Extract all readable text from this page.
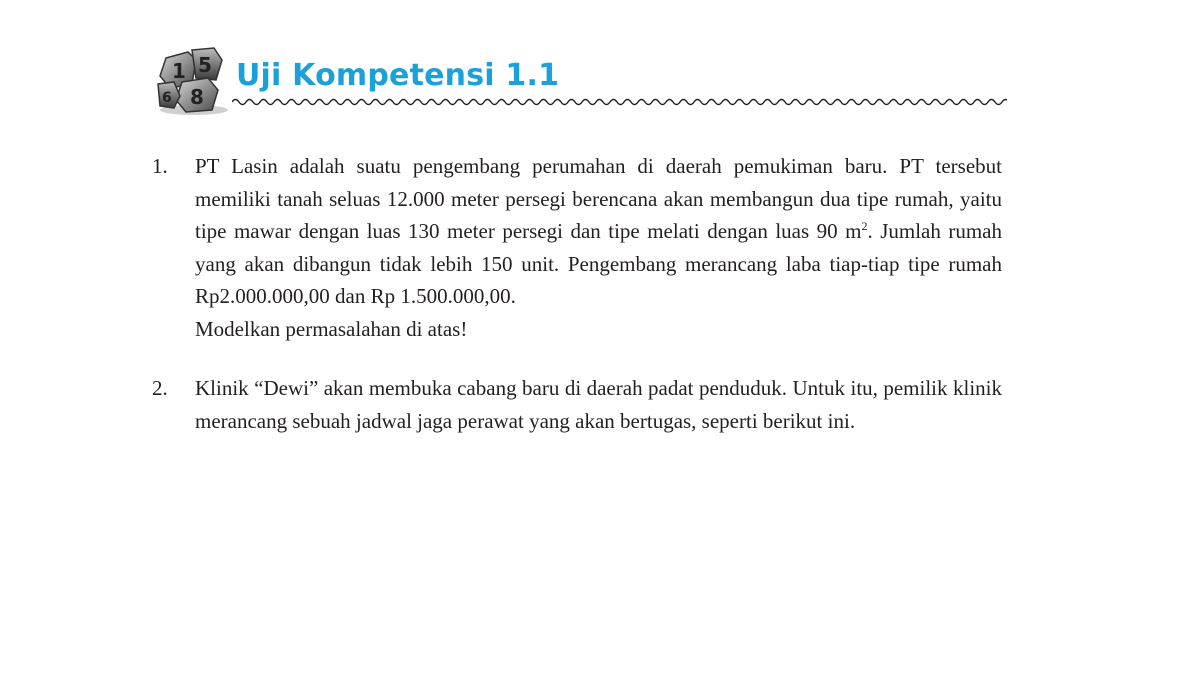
1 5
8
6
Uji Kompetensi 1.1
1. PT Lasin adalah suatu pengembang perumahan di daerah pemukiman baru. PT tersebut memiliki tanah seluas 12.000 meter persegi berencana akan membangun dua tipe rumah, yaitu tipe mawar dengan luas 130 meter persegi dan tipe melati dengan luas 90 $m^2$. Jumlah rumah yang akan dibangun tidak lebih 150 unit. Pengembang merancang laba tiap-tiap tipe rumah Rp2.000.000,00 dan Rp 1.500.000,00.

Modelkan permasalahan di atas!

2. Klinik “Dewi” akan membuka cabang baru di daerah padat penduduk. Untuk itu, pemilik klinik merancang sebuah jadwal jaga perawat yang akan bertugas, seperti berikut ini.
